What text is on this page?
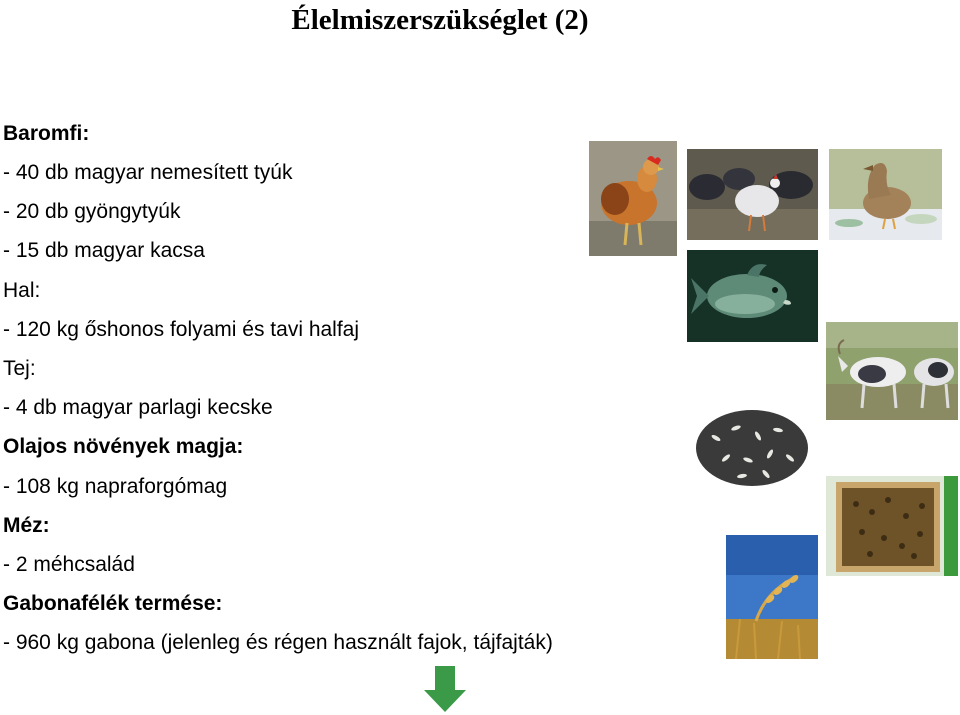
Élelmiszerszükséglet (2)
Baromfi:
- 40 db magyar nemesített tyúk
- 20 db gyöngytyúk
- 15 db magyar kacsa
Hal:
- 120 kg őshonos folyami és tavi halfaj
Tej:
- 4 db magyar parlagi kecske
Olajos növények magja:
- 108 kg napraforgómag
Méz:
- 2 méhcsalád
Gabonafélék termése:
- 960 kg gabona (jelenleg és régen használt fajok, tájfajták)
